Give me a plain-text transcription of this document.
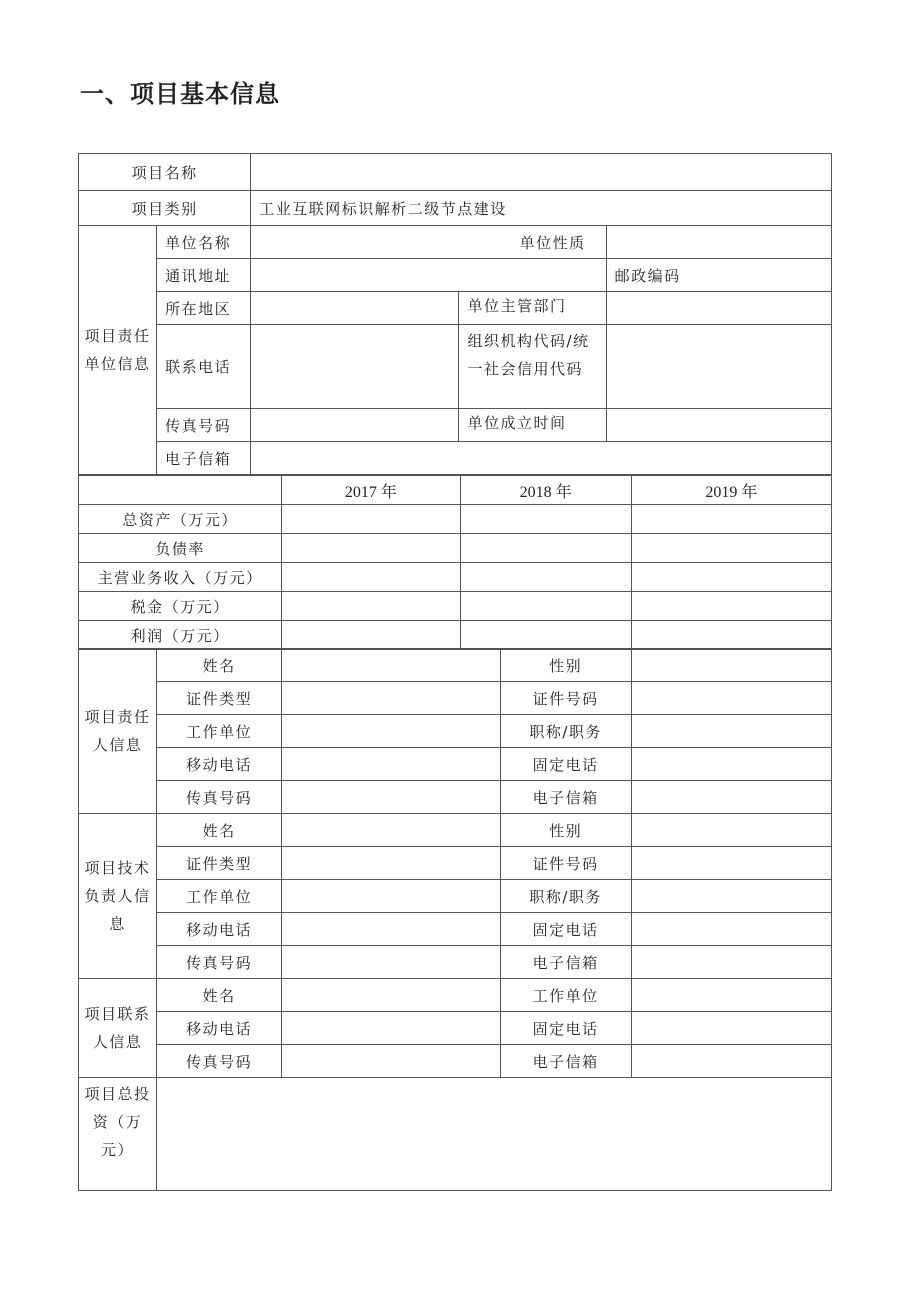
一、项目基本信息
项目名称				
项目类别		工业互联网标识解析二级节点建设		
项目责任单位信息	单位名称	单位性质		
	通讯地址			邮政编码
	所在地区		单位主管部门	
	联系电话		组织机构代码/统一社会信用代码	
	传真号码		单位成立时间	
	电子信箱			
	2017 年	2018 年	2019 年
总资产（万元）			
负债率			
主营业务收入（万元）			
税金（万元）			
利润（万元）			
项目责任人信息	姓名		性别	
	证件类型		证件号码	
	工作单位		职称/职务	
	移动电话		固定电话	
	传真号码		电子信箱	
项目技术负责人信息	姓名		性别	
	证件类型		证件号码	
	工作单位		职称/职务	
	移动电话		固定电话	
	传真号码		电子信箱	
项目联系人信息	姓名		工作单位	
	移动电话		固定电话	
	传真号码		电子信箱	
项目总投资（万元）				
